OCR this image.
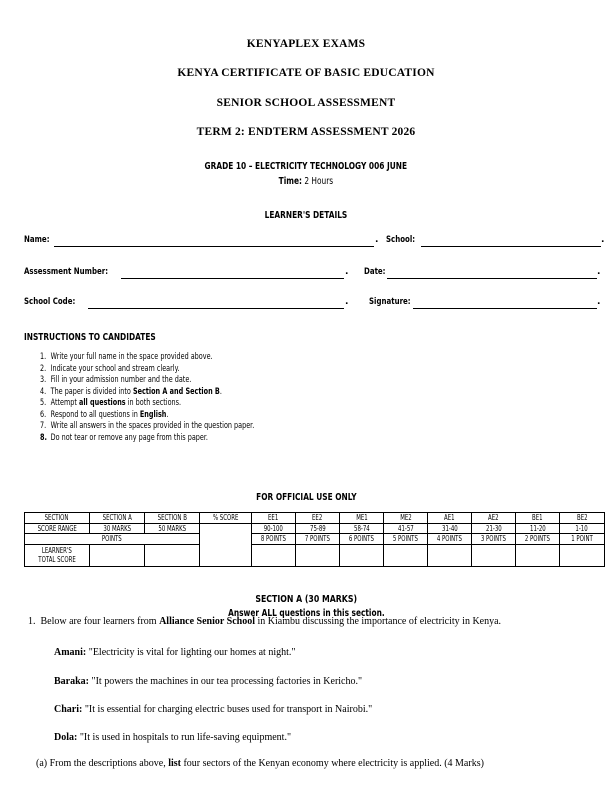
KENYAPLEX EXAMS
KENYA CERTIFICATE OF BASIC EDUCATION
SENIOR SCHOOL ASSESSMENT
TERM 2: ENDTERM ASSESSMENT 2026
GRADE 10 – ELECTRICITY TECHNOLOGY 006 JUNE
Time: 2 Hours
LEARNER'S DETAILS
Name:	. School:	.
Assessment Number:	. Date:	.
School Code:	. Signature:	.
INSTRUCTIONS TO CANDIDATES
1. Write your full name in the space provided above.
2. Indicate your school and stream clearly.
3. Fill in your admission number and the date.
4. The paper is divided into Section A and Section B.
5. Attempt all questions in both sections.
6. Respond to all questions in English.
7. Write all answers in the spaces provided in the question paper.
8. Do not tear or remove any page from this paper.
FOR OFFICIAL USE ONLY
SECTION	SECTION A	SECTION B	% SCORE	EE1	EE2	ME1	ME2	AE1	AE2	BE1	BE2
SCORE RANGE	30 MARKS	50 MARKS		90-100	75-89	58-74	41-57	31-40	21-30	11-20	1-10
POINTS				8 POINTS	7 POINTS	6 POINTS	5 POINTS	4 POINTS	3 POINTS	2 POINTS	1 POINT
LEARNER'S
TOTAL SCORE											
SECTION A (30 MARKS)
Answer ALL questions in this section.
1. Below are four learners from Alliance Senior School in Kiambu discussing the importance of electricity in Kenya.
Amani: "Electricity is vital for lighting our homes at night."
Baraka: "It powers the machines in our tea processing factories in Kericho."
Chari: "It is essential for charging electric buses used for transport in Nairobi."
Dola: "It is used in hospitals to run life-saving equipment."
(a) From the descriptions above, list four sectors of the Kenyan economy where electricity is applied. (4 Marks)
